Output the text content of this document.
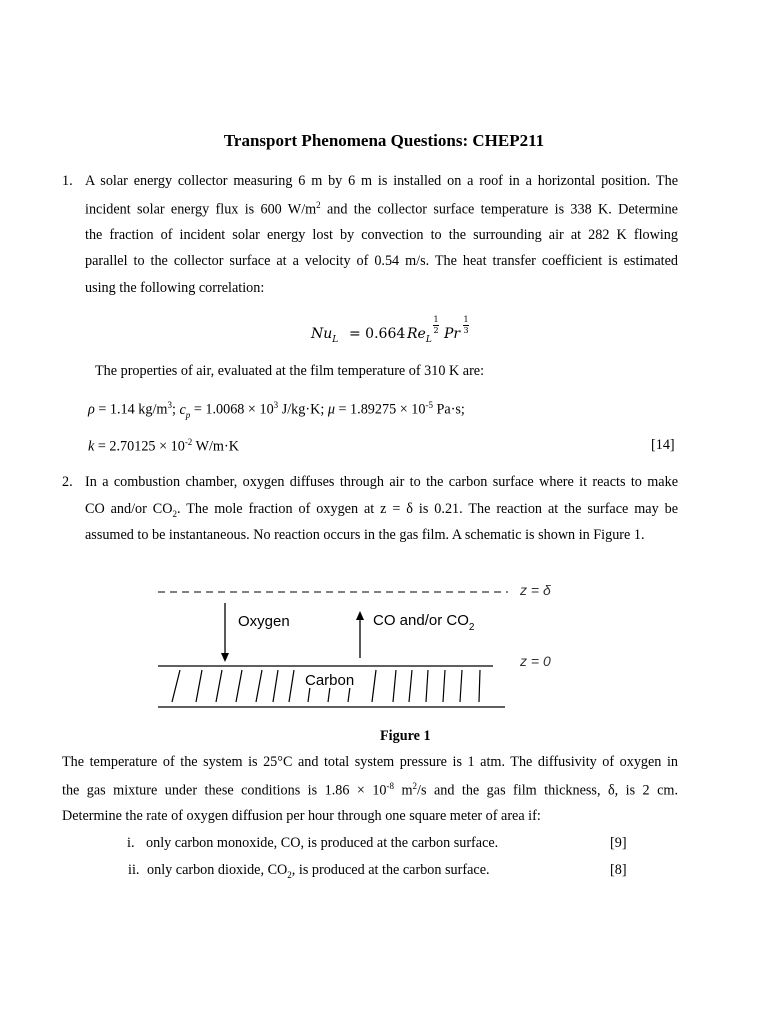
Transport Phenomena Questions: CHEP211
1. A solar energy collector measuring 6 m by 6 m is installed on a roof in a horizontal position. The
incident solar energy flux is 600 $W/m^2$ and the collector surface temperature is 338 K. Determine
the fraction of incident solar energy lost by convection to the surrounding air at 282 K flowing
parallel to the collector surface at a velocity of 0.54 m/s. The heat transfer coefficient is estimated
using the following correlation:
$Nu_L = 0.664$ $Re_L$
1

2 Pr
1

3
The properties of air, evaluated at the film temperature of 310 K are:
ρ = 1.14 $kg/m^3$; $c_p = 1.0068 \times 10^3$ J/kg·K; $\mu = 1.89275 \times 10^{-5}$ Pa·s;
$k = 2.70125 \times 10^{-2}$ W/m·K	[14]
2. In a combustion chamber, oxygen diffuses through air to the carbon surface where it reacts to make
CO and/or $CO_2$. The mole fraction of oxygen at z = δ is 0.21. The reaction at the surface may be
assumed to be instantaneous. No reaction occurs in the gas film. A schematic is shown in Figure 1.
Oxygen	CO and/or $CO_2$
Carbon
z = δ
z = 0
Figure 1
The temperature of the system is 25°C and total system pressure is 1 atm. The diffusivity of oxygen in
the gas mixture under these conditions is $1.86 \times 10^{-8}$ $m^2/s$ and the gas film thickness, δ, is 2 cm.
Determine the rate of oxygen diffusion per hour through one square meter of area if:
i. only carbon monoxide, CO, is produced at the carbon surface.	[9]
ii. only carbon dioxide, $CO_2$, is produced at the carbon surface.	[8]
